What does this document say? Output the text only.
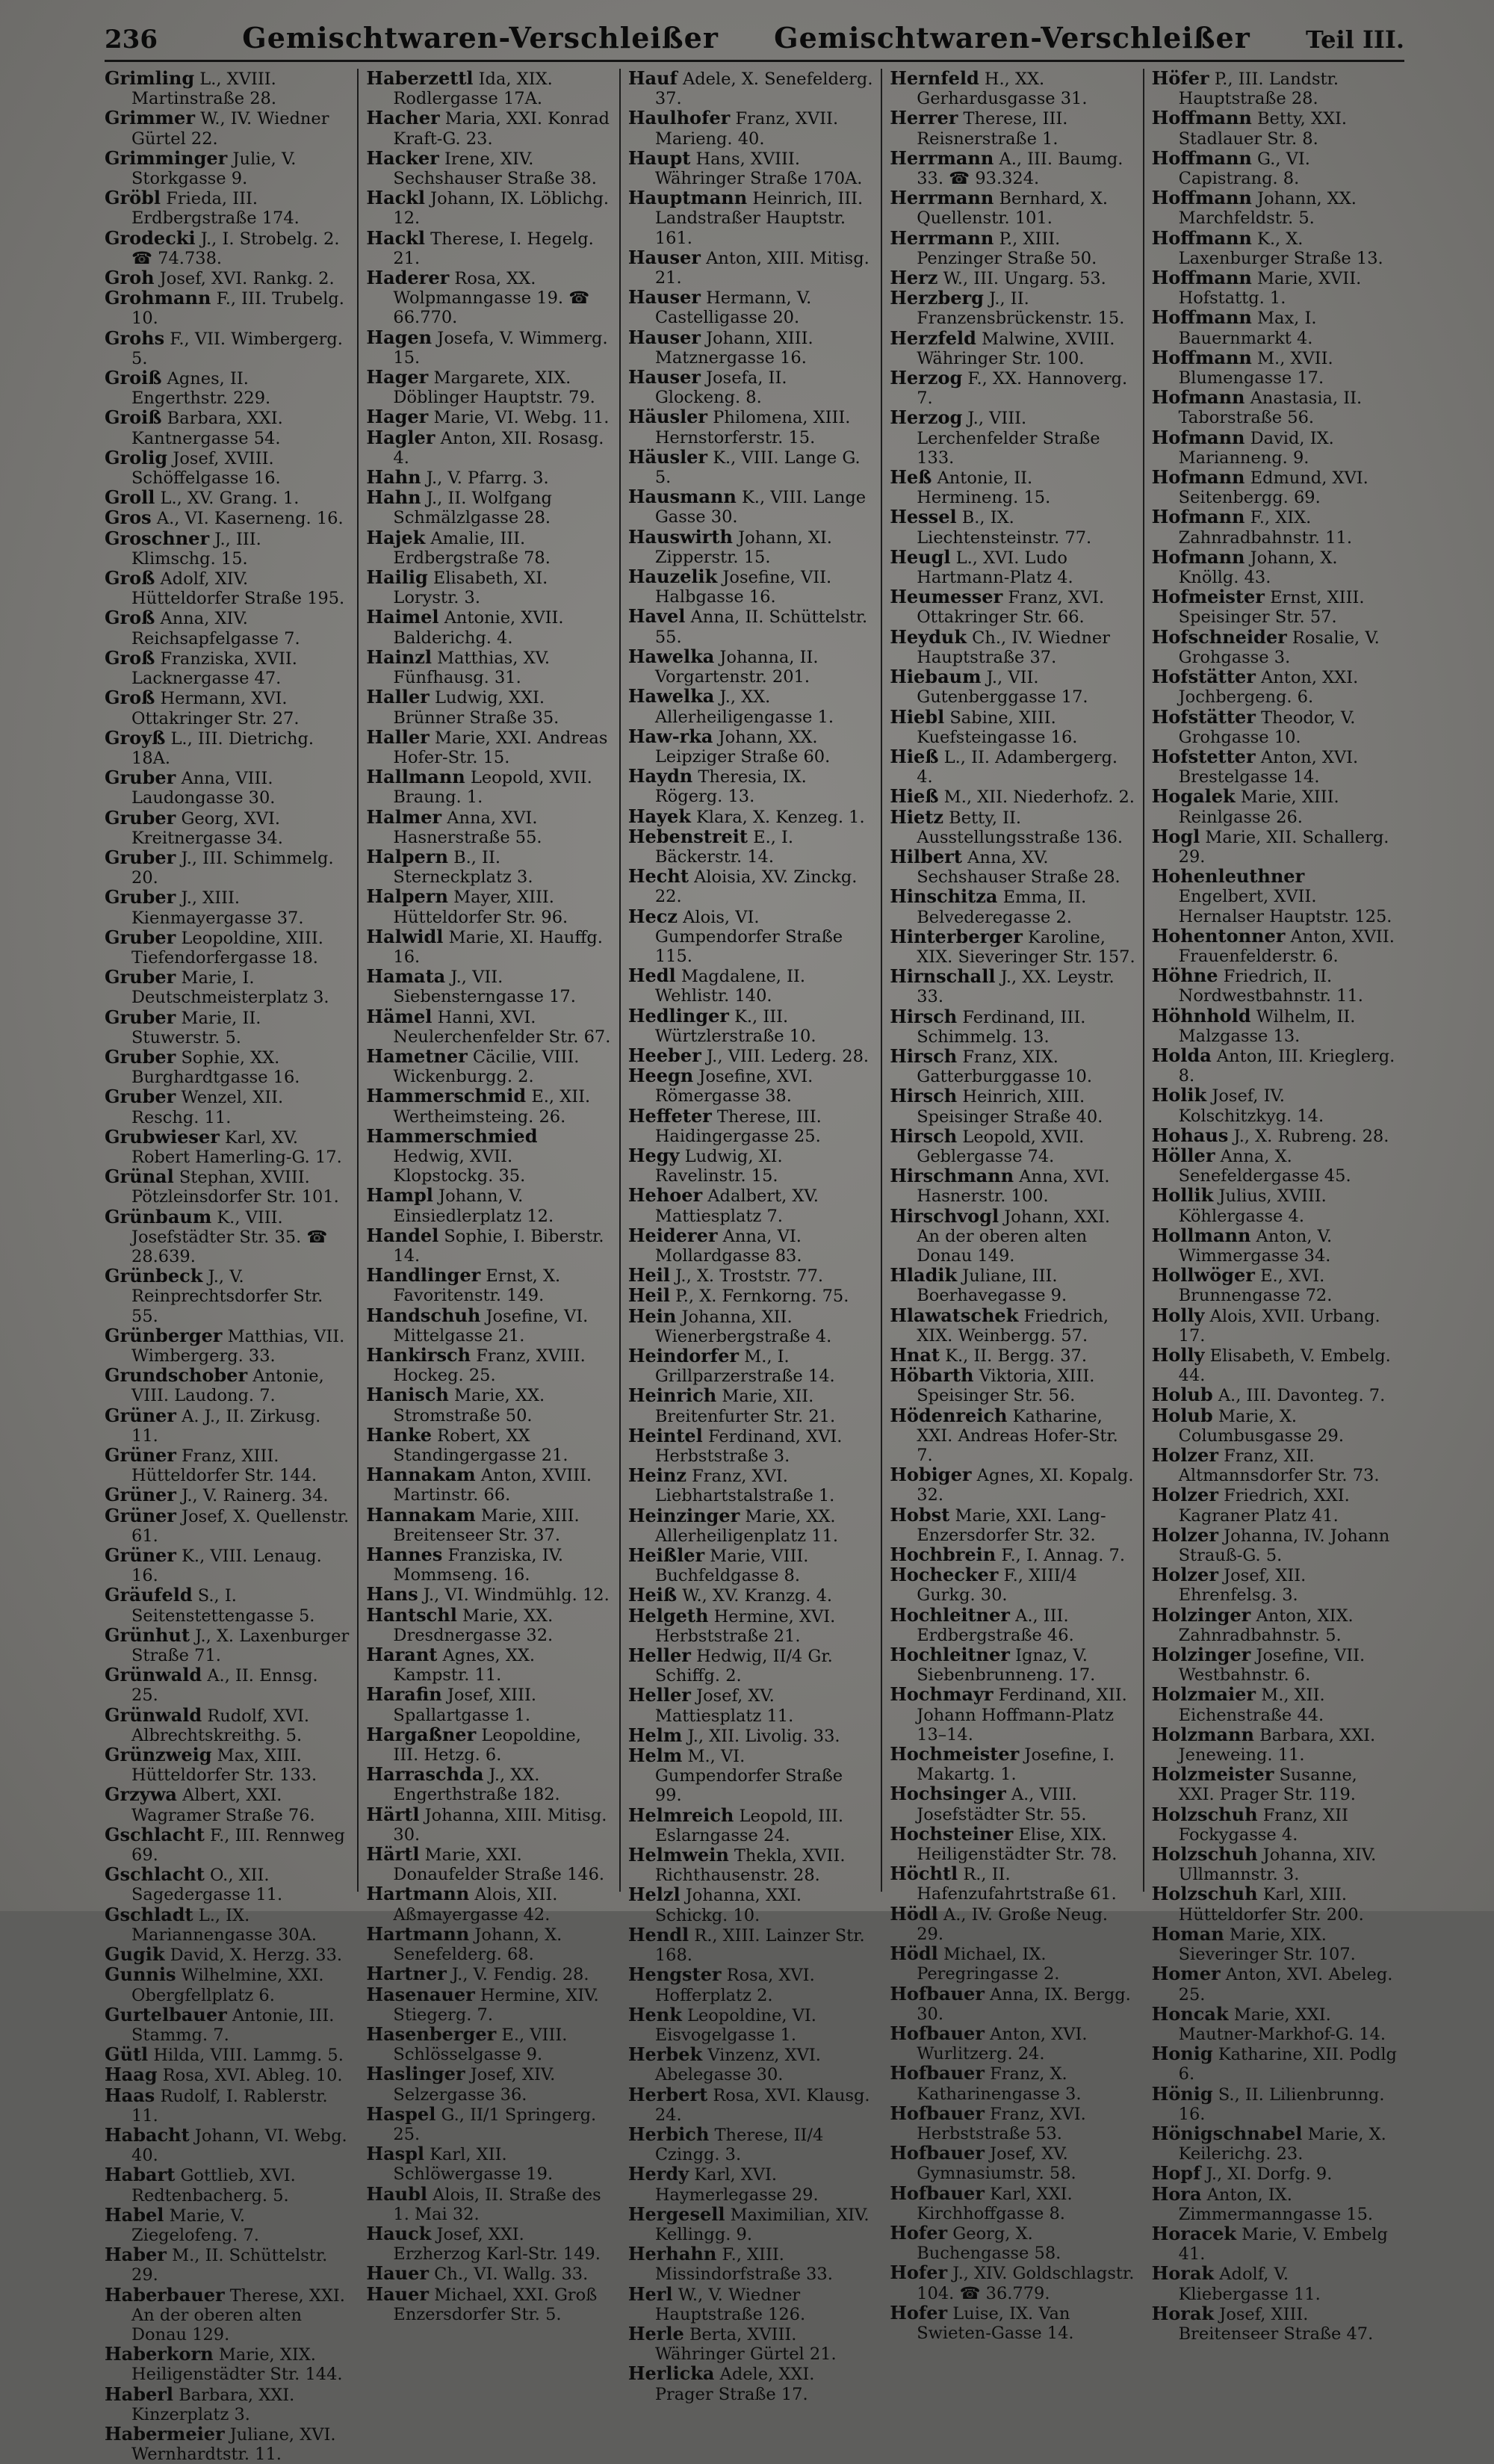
236	Gemischtwaren-Verschleißer Gemischtwaren-Verschleißer Teil III.
Grimling L., XVIII. Martinstraße 28.
Grimmer W., IV. Wiedner Gürtel 22.
Grimminger Julie, V. Storkgasse 9.
Gröbl Frieda, III. Erdbergstraße 174.
Grodecki J., I. Strobelg. 2. ☎ 74.738.
Groh Josef, XVI. Rankg. 2.
Grohmann F., III. Trubelg. 10.
Grohs F., VII. Wimbergerg. 5.
Groiß Agnes, II. Engerthstr. 229.
Groiß Barbara, XXI. Kantnergasse 54.
Grolig Josef, XVIII. Schöffelgasse 16.
Groll L., XV. Grang. 1.
Gros A., VI. Kaserneng. 16.
Groschner J., III. Klimschg. 15.
Groß Adolf, XIV. Hütteldorfer Straße 195.
Groß Anna, XIV. Reichsapfelgasse 7.
Groß Franziska, XVII. Lacknergasse 47.
Groß Hermann, XVI. Ottakringer Str. 27.
Groyß L., III. Dietrichg. 18A.
Gruber Anna, VIII. Laudongasse 30.
Gruber Georg, XVI. Kreitnergasse 34.
Gruber J., III. Schimmelg. 20.
Gruber J., XIII. Kienmayergasse 37.
Gruber Leopoldine, XIII. Tiefendorfergasse 18.
Gruber Marie, I. Deutschmeisterplatz 3.
Gruber Marie, II. Stuwerstr. 5.
Gruber Sophie, XX. Burghardtgasse 16.
Gruber Wenzel, XII. Reschg. 11.
Grubwieser Karl, XV. Robert Hamerling-G. 17.
Grünal Stephan, XVIII. Pötzleinsdorfer Str. 101.
Grünbaum K., VIII. Josefstädter Str. 35. ☎ 28.639.
Grünbeck J., V. Reinprechtsdorfer Str. 55.
Grünberger Matthias, VII. Wimbergerg. 33.
Grundschober Antonie, VIII. Laudong. 7.
Grüner A. J., II. Zirkusg. 11.
Grüner Franz, XIII. Hütteldorfer Str. 144.
Grüner J., V. Rainerg. 34.
Grüner Josef, X. Quellenstr. 61.
Grüner K., VIII. Lenaug. 16.
Gräufeld S., I. Seitenstettengasse 5.
Grünhut J., X. Laxenburger Straße 71.
Grünwald A., II. Ennsg. 25.
Grünwald Rudolf, XVI. Albrechtskreithg. 5.
Grünzweig Max, XIII. Hütteldorfer Str. 133.
Grzywa Albert, XXI. Wagramer Straße 76.
Gschlacht F., III. Rennweg 69.
Gschlacht O., XII. Sagedergasse 11.
Gschladt L., IX. Mariannengasse 30A.
Gugik David, X. Herzg. 33.
Gunnis Wilhelmine, XXI. Obergfellplatz 6.
Gurtelbauer Antonie, III. Stammg. 7.
Gütl Hilda, VIII. Lammg. 5.
Haag Rosa, XVI. Ableg. 10.
Haas Rudolf, I. Rablerstr. 11.
Habacht Johann, VI. Webg. 40.
Habart Gottlieb, XVI. Redtenbacherg. 5.
Habel Marie, V. Ziegelofeng. 7.
Haber M., II. Schüttelstr. 29.
Haberbauer Therese, XXI. An der oberen alten Donau 129.
Haberkorn Marie, XIX. Heiligenstädter Str. 144.
Haberl Barbara, XXI. Kinzerplatz 3.
Habermeier Juliane, XVI. Wernhardtstr. 11.
Haberzettl Ida, XIX. Rodlergasse 17A.
Hacher Maria, XXI. Konrad Kraft-G. 23.
Hacker Irene, XIV. Sechshauser Straße 38.
Hackl Johann, IX. Löblichg. 12.
Hackl Therese, I. Hegelg. 21.
Haderer Rosa, XX. Wolpmanngasse 19. ☎ 66.770.
Hagen Josefa, V. Wimmerg. 15.
Hager Margarete, XIX. Döblinger Hauptstr. 79.
Hager Marie, VI. Webg. 11.
Hagler Anton, XII. Rosasg. 4.
Hahn J., V. Pfarrg. 3.
Hahn J., II. Wolfgang Schmälzlgasse 28.
Hajek Amalie, III. Erdbergstraße 78.
Hailig Elisabeth, XI. Lorystr. 3.
Haimel Antonie, XVII. Balderichg. 4.
Hainzl Matthias, XV. Fünfhausg. 31.
Haller Ludwig, XXI. Brünner Straße 35.
Haller Marie, XXI. Andreas Hofer-Str. 15.
Hallmann Leopold, XVII. Braung. 1.
Halmer Anna, XVI. Hasnerstraße 55.
Halpern B., II. Sterneckplatz 3.
Halpern Mayer, XIII. Hütteldorfer Str. 96.
Halwidl Marie, XI. Hauffg. 16.
Hamata J., VII. Siebensterngasse 17.
Hämel Hanni, XVI. Neulerchenfelder Str. 67.
Hametner Cäcilie, VIII. Wickenburgg. 2.
Hammerschmid E., XII. Wertheimsteing. 26.
Hammerschmied Hedwig, XVII. Klopstockg. 35.
Hampl Johann, V. Einsiedlerplatz 12.
Handel Sophie, I. Biberstr. 14.
Handlinger Ernst, X. Favoritenstr. 149.
Handschuh Josefine, VI. Mittelgasse 21.
Hankirsch Franz, XVIII. Hockeg. 25.
Hanisch Marie, XX. Stromstraße 50.
Hanke Robert, XX Standingergasse 21.
Hannakam Anton, XVIII. Martinstr. 66.
Hannakam Marie, XIII. Breitenseer Str. 37.
Hannes Franziska, IV. Mommseng. 16.
Hans J., VI. Windmühlg. 12.
Hantschl Marie, XX. Dresdnergasse 32.
Harant Agnes, XX. Kampstr. 11.
Harafin Josef, XIII. Spallartgasse 1.
Hargaßner Leopoldine, III. Hetzg. 6.
Harraschda J., XX. Engerthstraße 182.
Härtl Johanna, XIII. Mitisg. 30.
Härtl Marie, XXI. Donaufelder Straße 146.
Hartmann Alois, XII. Aßmayergasse 42.
Hartmann Johann, X. Senefelderg. 68.
Hartner J., V. Fendig. 28.
Hasenauer Hermine, XIV. Stiegerg. 7.
Hasenberger E., VIII. Schlösselgasse 9.
Haslinger Josef, XIV. Selzergasse 36.
Haspel G., II/1 Springerg. 25.
Haspl Karl, XII. Schlöwergasse 19.
Haubl Alois, II. Straße des 1. Mai 32.
Hauck Josef, XXI. Erzherzog Karl-Str. 149.
Hauer Ch., VI. Wallg. 33.
Hauer Michael, XXI. Groß Enzersdorfer Str. 5.
Hauf Adele, X. Senefelderg. 37.
Haulhofer Franz, XVII. Marieng. 40.
Haupt Hans, XVIII. Währinger Straße 170A.
Hauptmann Heinrich, III. Landstraßer Hauptstr. 161.
Hauser Anton, XIII. Mitisg. 21.
Hauser Hermann, V. Castelligasse 20.
Hauser Johann, XIII. Matznergasse 16.
Hauser Josefa, II. Glockeng. 8.
Häusler Philomena, XIII. Hernstorferstr. 15.
Häusler K., VIII. Lange G. 5.
Hausmann K., VIII. Lange Gasse 30.
Hauswirth Johann, XI. Zipperstr. 15.
Hauzelik Josefine, VII. Halbgasse 16.
Havel Anna, II. Schüttelstr. 55.
Hawelka Johanna, II. Vorgartenstr. 201.
Hawelka J., XX. Allerheiligengasse 1.
Haw-rka Johann, XX. Leipziger Straße 60.
Haydn Theresia, IX. Rögerg. 13.
Hayek Klara, X. Kenzeg. 1.
Hebenstreit E., I. Bäckerstr. 14.
Hecht Aloisia, XV. Zinckg. 22.
Hecz Alois, VI. Gumpendorfer Straße 115.
Hedl Magdalene, II. Wehlistr. 140.
Hedlinger K., III. Würtzlerstraße 10.
Heeber J., VIII. Lederg. 28.
Heegn Josefine, XVI. Römergasse 38.
Heffeter Therese, III. Haidingergasse 25.
Hegy Ludwig, XI. Ravelinstr. 15.
Hehoer Adalbert, XV. Mattiesplatz 7.
Heiderer Anna, VI. Mollardgasse 83.
Heil J., X. Troststr. 77.
Heil P., X. Fernkorng. 75.
Hein Johanna, XII. Wienerbergstraße 4.
Heindorfer M., I. Grillparzerstraße 14.
Heinrich Marie, XII. Breitenfurter Str. 21.
Heintel Ferdinand, XVI. Herbststraße 3.
Heinz Franz, XVI. Liebhartstalstraße 1.
Heinzinger Marie, XX. Allerheiligenplatz 11.
Heißler Marie, VIII. Buchfeldgasse 8.
Heiß W., XV. Kranzg. 4.
Helgeth Hermine, XVI. Herbststraße 21.
Heller Hedwig, II/4 Gr. Schiffg. 2.
Heller Josef, XV. Mattiesplatz 11.
Helm J., XII. Livolig. 33.
Helm M., VI. Gumpendorfer Straße 99.
Helmreich Leopold, III. Eslarngasse 24.
Helmwein Thekla, XVII. Richthausenstr. 28.
Helzl Johanna, XXI. Schickg. 10.
Hendl R., XIII. Lainzer Str. 168.
Hengster Rosa, XVI. Hofferplatz 2.
Henk Leopoldine, VI. Eisvogelgasse 1.
Herbek Vinzenz, XVI. Abelegasse 30.
Herbert Rosa, XVI. Klausg. 24.
Herbich Therese, II/4 Czingg. 3.
Herdy Karl, XVI. Haymerlegasse 29.
Hergesell Maximilian, XIV. Kellingg. 9.
Herhahn F., XIII. Missindorfstraße 33.
Herl W., V. Wiedner Hauptstraße 126.
Herle Berta, XVIII. Währinger Gürtel 21.
Herlicka Adele, XXI. Prager Straße 17.
Hernfeld H., XX. Gerhardusgasse 31.
Herrer Therese, III. Reisnerstraße 1.
Herrmann A., III. Baumg. 33. ☎ 93.324.
Herrmann Bernhard, X. Quellenstr. 101.
Herrmann P., XIII. Penzinger Straße 50.
Herz W., III. Ungarg. 53.
Herzberg J., II. Franzensbrückenstr. 15.
Herzfeld Malwine, XVIII. Währinger Str. 100.
Herzog F., XX. Hannoverg. 7.
Herzog J., VIII. Lerchenfelder Straße 133.
Heß Antonie, II. Hermineng. 15.
Hessel B., IX. Liechtensteinstr. 77.
Heugl L., XVI. Ludo Hartmann-Platz 4.
Heumesser Franz, XVI. Ottakringer Str. 66.
Heyduk Ch., IV. Wiedner Hauptstraße 37.
Hiebaum J., VII. Gutenberggasse 17.
Hiebl Sabine, XIII. Kuefsteingasse 16.
Hieß L., II. Adambergerg. 4.
Hieß M., XII. Niederhofz. 2.
Hietz Betty, II. Ausstellungsstraße 136.
Hilbert Anna, XV. Sechshauser Straße 28.
Hinschitza Emma, II. Belvederegasse 2.
Hinterberger Karoline, XIX. Sieveringer Str. 157.
Hirnschall J., XX. Leystr. 33.
Hirsch Ferdinand, III. Schimmelg. 13.
Hirsch Franz, XIX. Gatterburggasse 10.
Hirsch Heinrich, XIII. Speisinger Straße 40.
Hirsch Leopold, XVII. Geblergasse 74.
Hirschmann Anna, XVI. Hasnerstr. 100.
Hirschvogl Johann, XXI. An der oberen alten Donau 149.
Hladik Juliane, III. Boerhavegasse 9.
Hlawatschek Friedrich, XIX. Weinbergg. 57.
Hnat K., II. Bergg. 37.
Höbarth Viktoria, XIII. Speisinger Str. 56.
Hödenreich Katharine, XXI. Andreas Hofer-Str. 7.
Hobiger Agnes, XI. Kopalg. 32.
Hobst Marie, XXI. Lang-Enzersdorfer Str. 32.
Hochbrein F., I. Annag. 7.
Hochecker F., XIII/4 Gurkg. 30.
Hochleitner A., III. Erdbergstraße 46.
Hochleitner Ignaz, V. Siebenbrunneng. 17.
Hochmayr Ferdinand, XII. Johann Hoffmann-Platz 13–14.
Hochmeister Josefine, I. Makartg. 1.
Hochsinger A., VIII. Josefstädter Str. 55.
Hochsteiner Elise, XIX. Heiligenstädter Str. 78.
Höchtl R., II. Hafenzufahrtstraße 61.
Hödl A., IV. Große Neug. 29.
Hödl Michael, IX. Peregringasse 2.
Hofbauer Anna, IX. Bergg. 30.
Hofbauer Anton, XVI. Wurlitzerg. 24.
Hofbauer Franz, X. Katharinengasse 3.
Hofbauer Franz, XVI. Herbststraße 53.
Hofbauer Josef, XV. Gymnasiumstr. 58.
Hofbauer Karl, XXI. Kirchhoffgasse 8.
Hofer Georg, X. Buchengasse 58.
Hofer J., XIV. Goldschlagstr. 104. ☎ 36.779.
Hofer Luise, IX. Van Swieten-Gasse 14.
Höfer P., III. Landstr. Hauptstraße 28.
Hoffmann Betty, XXI. Stadlauer Str. 8.
Hoffmann G., VI. Capistrang. 8.
Hoffmann Johann, XX. Marchfeldstr. 5.
Hoffmann K., X. Laxenburger Straße 13.
Hoffmann Marie, XVII. Hofstattg. 1.
Hoffmann Max, I. Bauernmarkt 4.
Hoffmann M., XVII. Blumengasse 17.
Hofmann Anastasia, II. Taborstraße 56.
Hofmann David, IX. Marianneng. 9.
Hofmann Edmund, XVI. Seitenbergg. 69.
Hofmann F., XIX. Zahnradbahnstr. 11.
Hofmann Johann, X. Knöllg. 43.
Hofmeister Ernst, XIII. Speisinger Str. 57.
Hofschneider Rosalie, V. Grohgasse 3.
Hofstätter Anton, XXI. Jochbergeng. 6.
Hofstätter Theodor, V. Grohgasse 10.
Hofstetter Anton, XVI. Brestelgasse 14.
Hogalek Marie, XIII. Reinlgasse 26.
Hogl Marie, XII. Schallerg. 29.
Hohenleuthner Engelbert, XVII. Hernalser Hauptstr. 125.
Hohentonner Anton, XVII. Frauenfelderstr. 6.
Höhne Friedrich, II. Nordwestbahnstr. 11.
Höhnhold Wilhelm, II. Malzgasse 13.
Holda Anton, III. Krieglerg. 8.
Holik Josef, IV. Kolschitzkyg. 14.
Hohaus J., X. Rubreng. 28.
Höller Anna, X. Senefeldergasse 45.
Hollik Julius, XVIII. Köhlergasse 4.
Hollmann Anton, V. Wimmergasse 34.
Hollwöger E., XVI. Brunnengasse 72.
Holly Alois, XVII. Urbang. 17.
Holly Elisabeth, V. Embelg. 44.
Holub A., III. Davonteg. 7.
Holub Marie, X. Columbusgasse 29.
Holzer Franz, XII. Altmannsdorfer Str. 73.
Holzer Friedrich, XXI. Kagraner Platz 41.
Holzer Johanna, IV. Johann Strauß-G. 5.
Holzer Josef, XII. Ehrenfelsg. 3.
Holzinger Anton, XIX. Zahnradbahnstr. 5.
Holzinger Josefine, VII. Westbahnstr. 6.
Holzmaier M., XII. Eichenstraße 44.
Holzmann Barbara, XXI. Jeneweing. 11.
Holzmeister Susanne, XXI. Prager Str. 119.
Holzschuh Franz, XII Fockygasse 4.
Holzschuh Johanna, XIV. Ullmannstr. 3.
Holzschuh Karl, XIII. Hütteldorfer Str. 200.
Homan Marie, XIX. Sieveringer Str. 107.
Homer Anton, XVI. Abeleg. 25.
Honcak Marie, XXI. Mautner-Markhof-G. 14.
Honig Katharine, XII. Podlg 6.
Hönig S., II. Lilienbrunng. 16.
Hönigschnabel Marie, X. Keilerichg. 23.
Hopf J., XI. Dorfg. 9.
Hora Anton, IX. Zimmermanngasse 15.
Horacek Marie, V. Embelg 41.
Horak Adolf, V. Kliebergasse 11.
Horak Josef, XIII. Breitenseer Straße 47.
